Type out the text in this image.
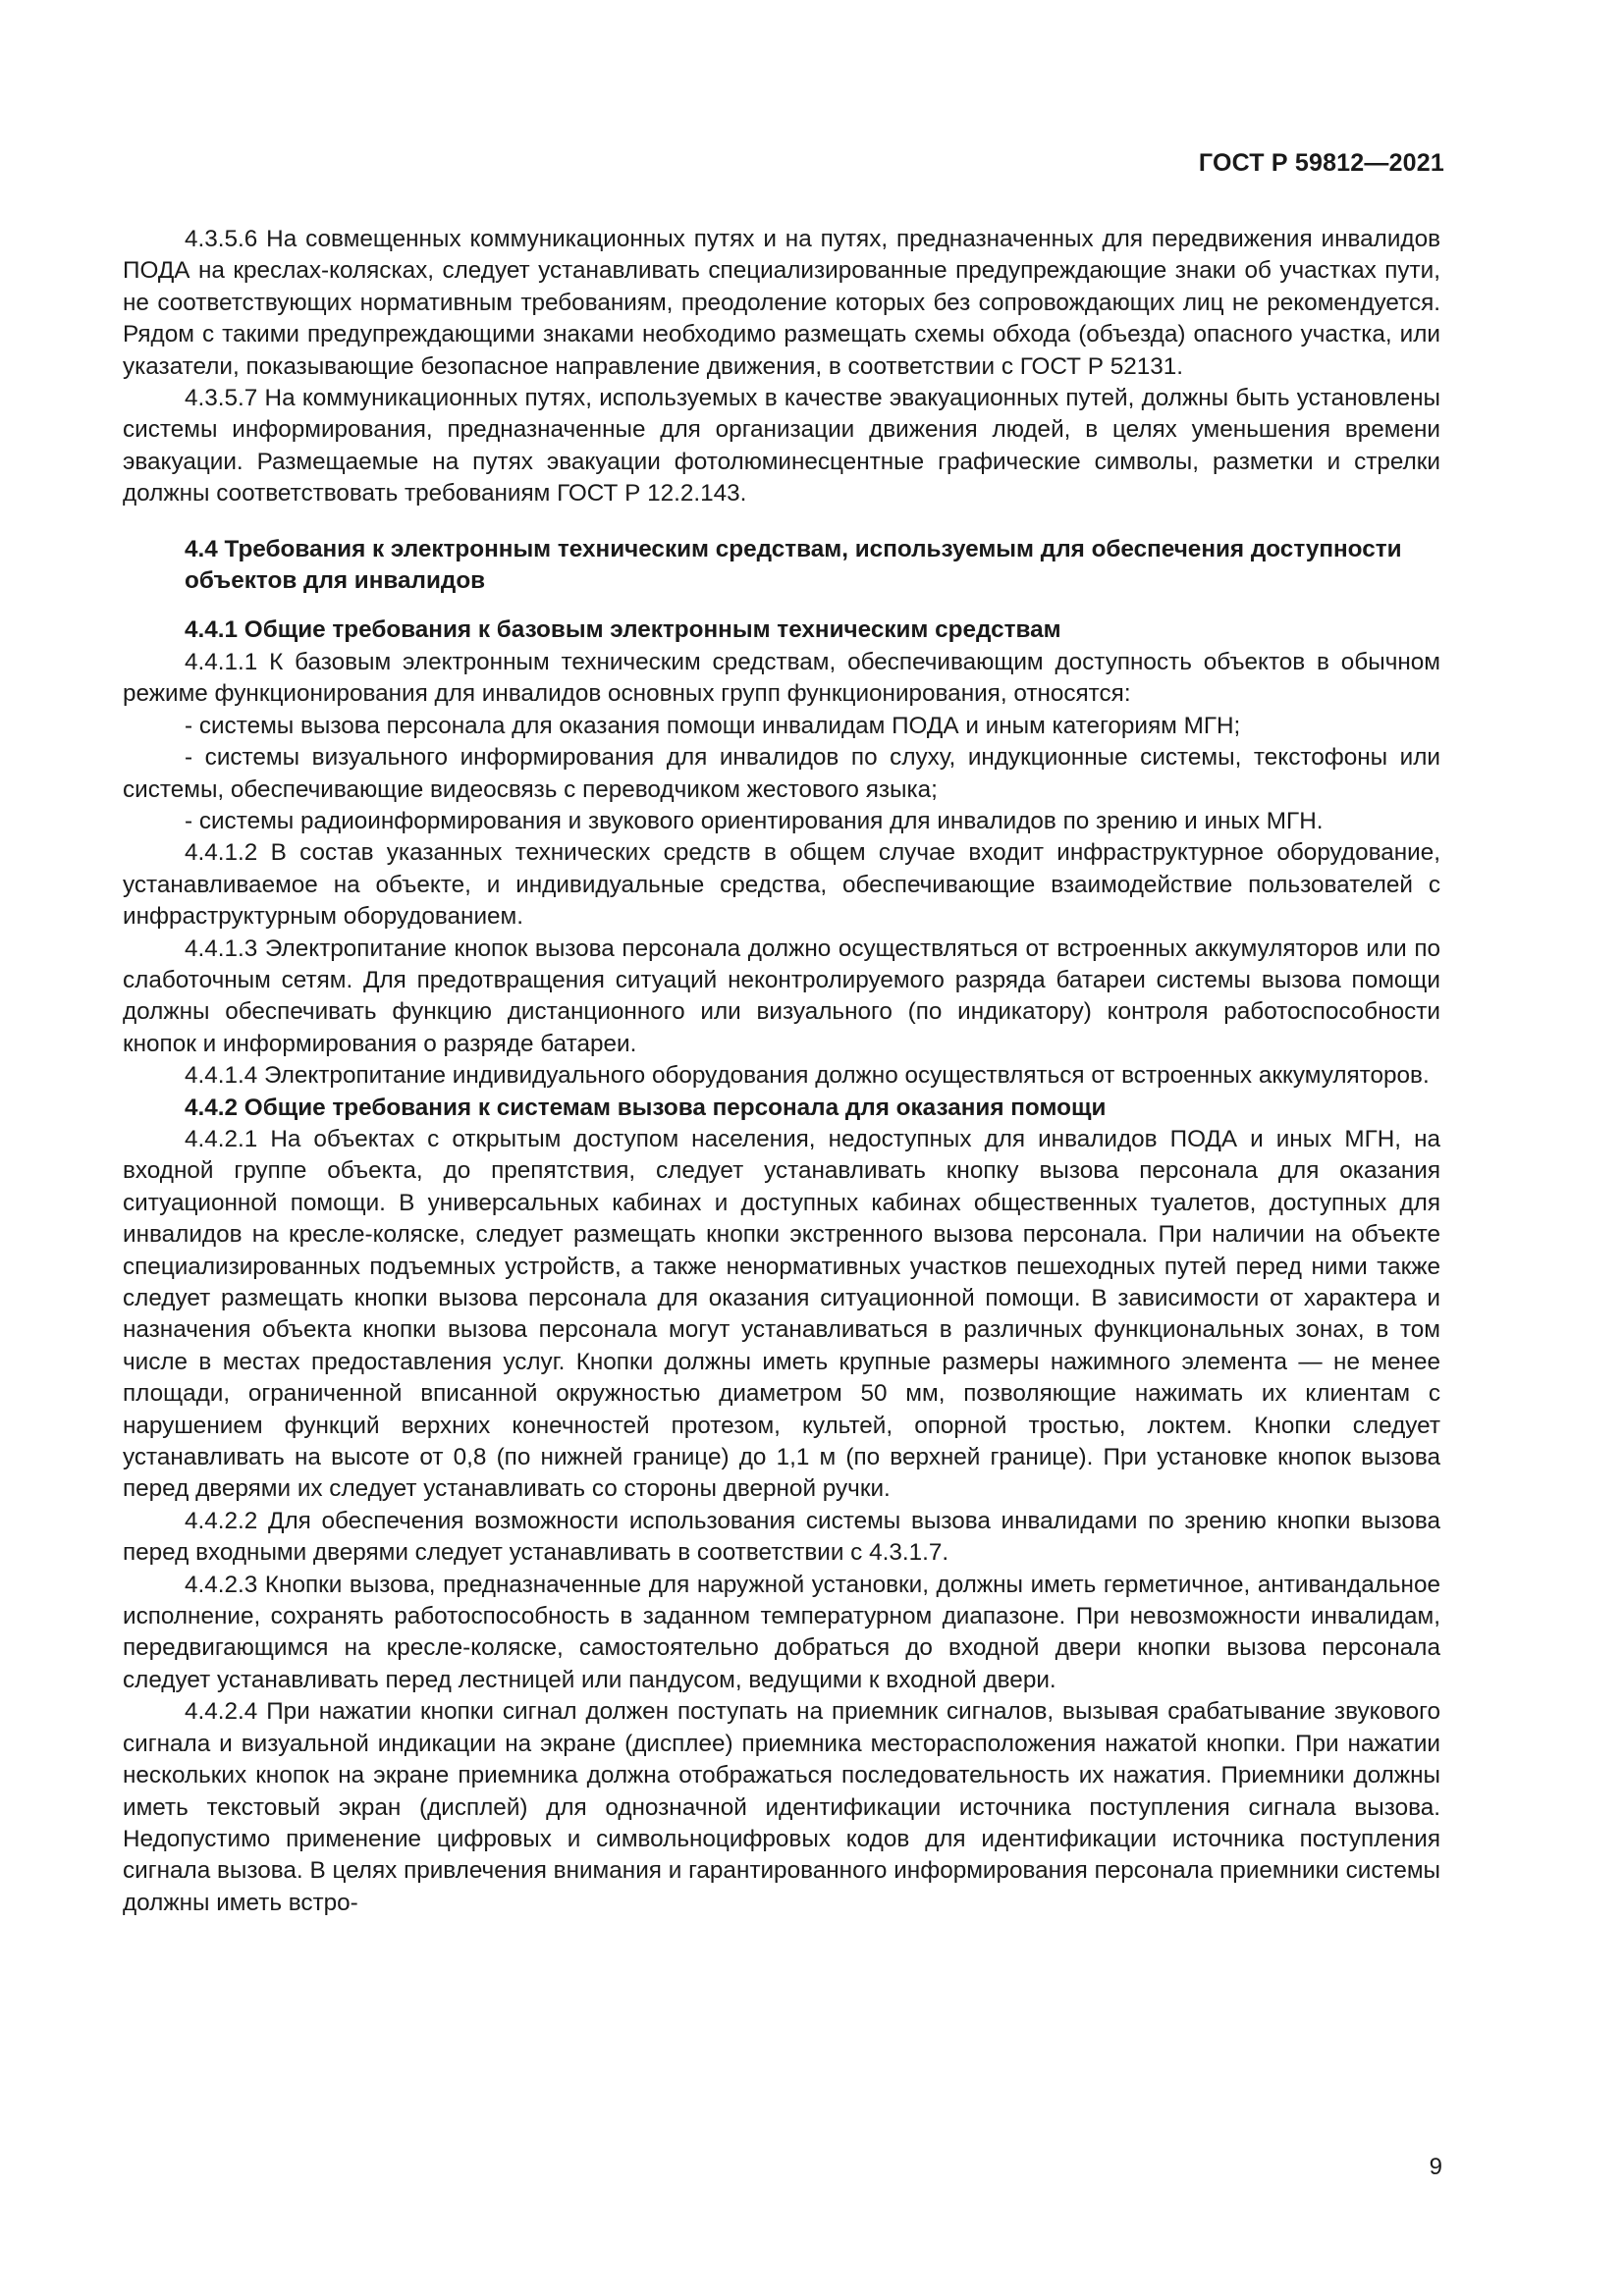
ГОСТ Р 59812—2021

4.3.5.6 На совмещенных коммуникационных путях и на путях, предназначенных для передвижения инвалидов ПОДА на креслах-колясках, следует устанавливать специализированные предупреждающие знаки об участках пути, не соответствующих нормативным требованиям, преодоление которых без сопровождающих лиц не рекомендуется. Рядом с такими предупреждающими знаками необходимо размещать схемы обхода (объезда) опасного участка, или указатели, показывающие безопасное направление движения, в соответствии с ГОСТ Р 52131.

4.3.5.7 На коммуникационных путях, используемых в качестве эвакуационных путей, должны быть установлены системы информирования, предназначенные для организации движения людей, в целях уменьшения времени эвакуации. Размещаемые на путях эвакуации фотолюминесцентные графические символы, разметки и стрелки должны соответствовать требованиям ГОСТ Р 12.2.143.

4.4 Требования к электронным техническим средствам, используемым для обеспечения доступности объектов для инвалидов

4.4.1 Общие требования к базовым электронным техническим средствам

4.4.1.1 К базовым электронным техническим средствам, обеспечивающим доступность объектов в обычном режиме функционирования для инвалидов основных групп функционирования, относятся:

- системы вызова персонала для оказания помощи инвалидам ПОДА и иным категориям МГН;

- системы визуального информирования для инвалидов по слуху, индукционные системы, текстофоны или системы, обеспечивающие видеосвязь с переводчиком жестового языка;

- системы радиоинформирования и звукового ориентирования для инвалидов по зрению и иных МГН.

4.4.1.2 В состав указанных технических средств в общем случае входит инфраструктурное оборудование, устанавливаемое на объекте, и индивидуальные средства, обеспечивающие взаимодействие пользователей с инфраструктурным оборудованием.

4.4.1.3 Электропитание кнопок вызова персонала должно осуществляться от встроенных аккумуляторов или по слаботочным сетям. Для предотвращения ситуаций неконтролируемого разряда батареи системы вызова помощи должны обеспечивать функцию дистанционного или визуального (по индикатору) контроля работоспособности кнопок и информирования о разряде батареи.

4.4.1.4 Электропитание индивидуального оборудования должно осуществляться от встроенных аккумуляторов.

4.4.2 Общие требования к системам вызова персонала для оказания помощи

4.4.2.1 На объектах с открытым доступом населения, недоступных для инвалидов ПОДА и иных МГН, на входной группе объекта, до препятствия, следует устанавливать кнопку вызова персонала для оказания ситуационной помощи. В универсальных кабинах и доступных кабинах общественных туалетов, доступных для инвалидов на кресле-коляске, следует размещать кнопки экстренного вызова персонала. При наличии на объекте специализированных подъемных устройств, а также ненормативных участков пешеходных путей перед ними также следует размещать кнопки вызова персонала для оказания ситуационной помощи. В зависимости от характера и назначения объекта кнопки вызова персонала могут устанавливаться в различных функциональных зонах, в том числе в местах предоставления услуг. Кнопки должны иметь крупные размеры нажимного элемента — не менее площади, ограниченной вписанной окружностью диаметром 50 мм, позволяющие нажимать их клиентам с нарушением функций верхних конечностей протезом, культей, опорной тростью, локтем. Кнопки следует устанавливать на высоте от 0,8 (по нижней границе) до 1,1 м (по верхней границе). При установке кнопок вызова перед дверями их следует устанавливать со стороны дверной ручки.

4.4.2.2 Для обеспечения возможности использования системы вызова инвалидами по зрению кнопки вызова перед входными дверями следует устанавливать в соответствии с 4.3.1.7.

4.4.2.3 Кнопки вызова, предназначенные для наружной установки, должны иметь герметичное, антивандальное исполнение, сохранять работоспособность в заданном температурном диапазоне. При невозможности инвалидам, передвигающимся на кресле-коляске, самостоятельно добраться до входной двери кнопки вызова персонала следует устанавливать перед лестницей или пандусом, ведущими к входной двери.

4.4.2.4 При нажатии кнопки сигнал должен поступать на приемник сигналов, вызывая срабатывание звукового сигнала и визуальной индикации на экране (дисплее) приемника месторасположения нажатой кнопки. При нажатии нескольких кнопок на экране приемника должна отображаться последовательность их нажатия. Приемники должны иметь текстовый экран (дисплей) для однозначной идентификации источника поступления сигнала вызова. Недопустимо применение цифровых и символьноцифровых кодов для идентификации источника поступления сигнала вызова. В целях привлечения внимания и гарантированного информирования персонала приемники системы должны иметь встро-

9
